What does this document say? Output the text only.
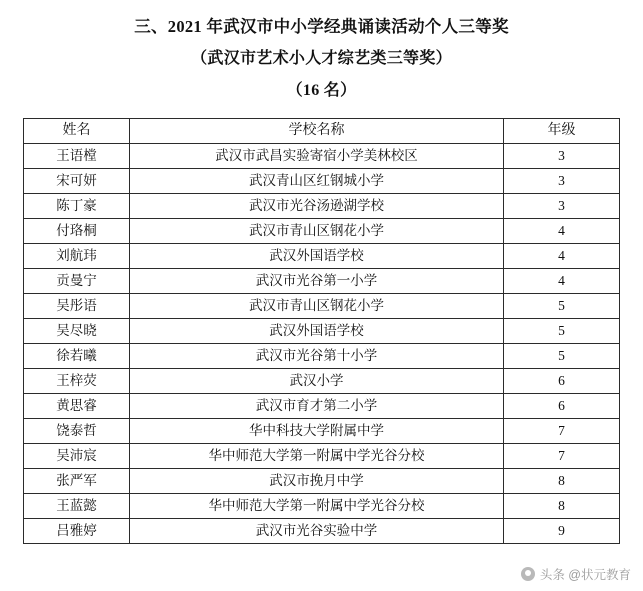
三、2021 年武汉市中小学经典诵读活动个人三等奖
（武汉市艺术小人才综艺类三等奖）
（16 名）
姓名	学校名称	年级
王语樘	武汉市武昌实验寄宿小学美林校区	3
宋可妍	武汉青山区红钢城小学	3
陈丁豪	武汉市光谷汤逊湖学校	3
付珞桐	武汉市青山区钢花小学	4
刘航玮	武汉外国语学校	4
贡曼宁	武汉市光谷第一小学	4
吴彤语	武汉市青山区钢花小学	5
吴尽晓	武汉外国语学校	5
徐若曦	武汉市光谷第十小学	5
王梓荧	武汉小学	6
黄思睿	武汉市育才第二小学	6
饶泰哲	华中科技大学附属中学	7
吴沛宸	华中师范大学第一附属中学光谷分校	7
张严军	武汉市挽月中学	8
王蓝懿	华中师范大学第一附属中学光谷分校	8
吕雅婷	武汉市光谷实验中学	9
头条 @状元教育
